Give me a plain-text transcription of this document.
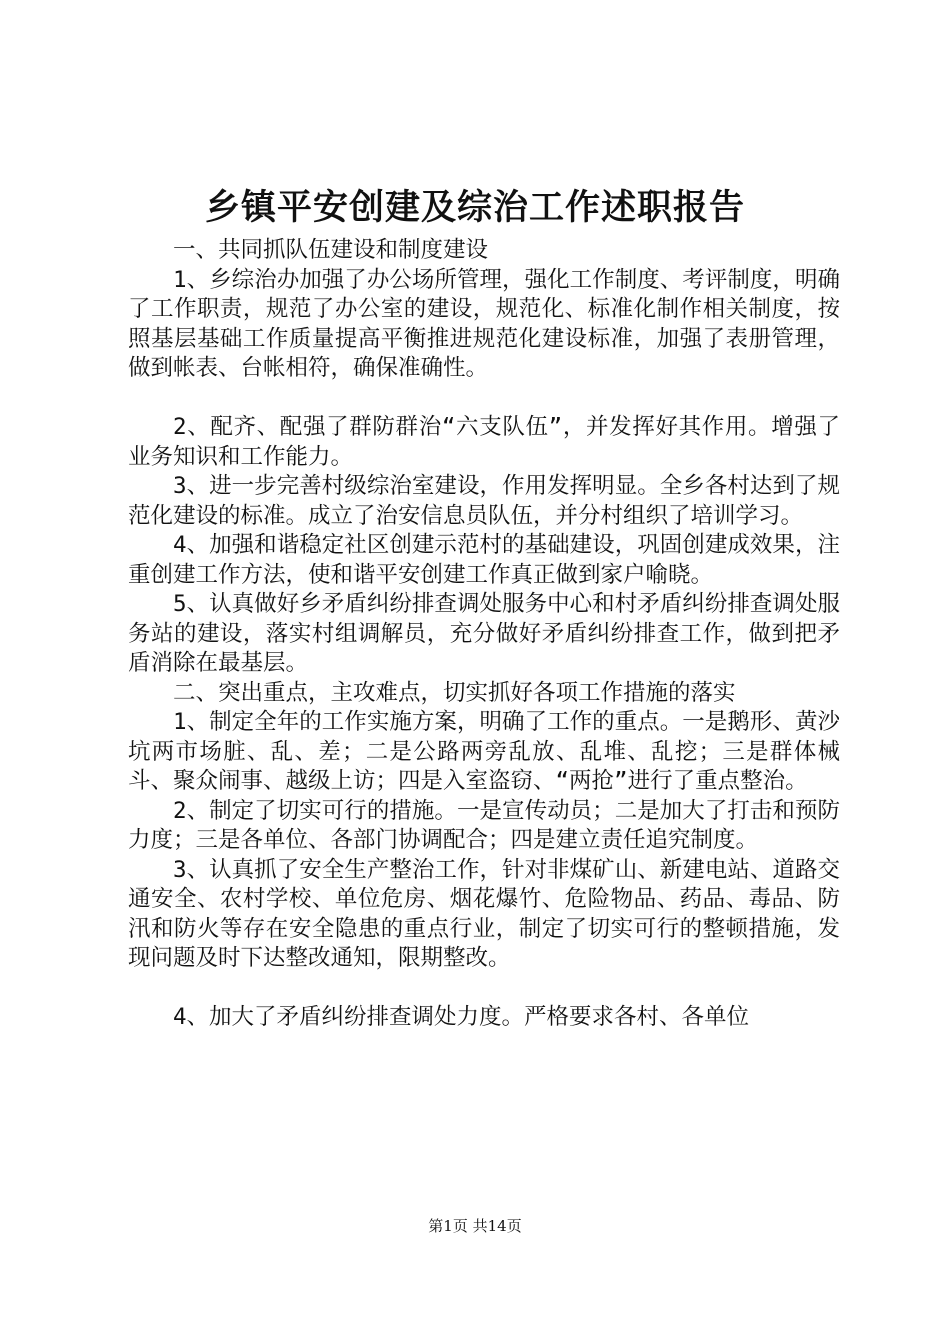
乡镇平安创建及综治工作述职报告

一、共同抓队伍建设和制度建设

1、乡综治办加强了办公场所管理，强化工作制度、考评制度，明确了工作职责，规范了办公室的建设，规范化、标准化制作相关制度，按照基层基础工作质量提高平衡推进规范化建设标准，加强了表册管理，做到帐表、台帐相符，确保准确性。

2、配齐、配强了群防群治“六支队伍”，并发挥好其作用。增强了业务知识和工作能力。

3、进一步完善村级综治室建设，作用发挥明显。全乡各村达到了规范化建设的标准。成立了治安信息员队伍，并分村组织了培训学习。

4、加强和谐稳定社区创建示范村的基础建设，巩固创建成效果，注重创建工作方法，使和谐平安创建工作真正做到家户喻晓。

5、认真做好乡矛盾纠纷排查调处服务中心和村矛盾纠纷排查调处服务站的建设，落实村组调解员，充分做好矛盾纠纷排查工作，做到把矛盾消除在最基层。

二、突出重点，主攻难点，切实抓好各项工作措施的落实

1、制定全年的工作实施方案，明确了工作的重点。一是鹅形、黄沙坑两市场脏、乱、差；二是公路两旁乱放、乱堆、乱挖；三是群体械斗、聚众闹事、越级上访；四是入室盗窃、“两抢”进行了重点整治。

2、制定了切实可行的措施。一是宣传动员；二是加大了打击和预防力度；三是各单位、各部门协调配合；四是建立责任追究制度。

3、认真抓了安全生产整治工作，针对非煤矿山、新建电站、道路交通安全、农村学校、单位危房、烟花爆竹、危险物品、药品、毒品、防汛和防火等存在安全隐患的重点行业，制定了切实可行的整顿措施，发现问题及时下达整改通知，限期整改。

4、加大了矛盾纠纷排查调处力度。严格要求各村、各单位

第1页 共14页
